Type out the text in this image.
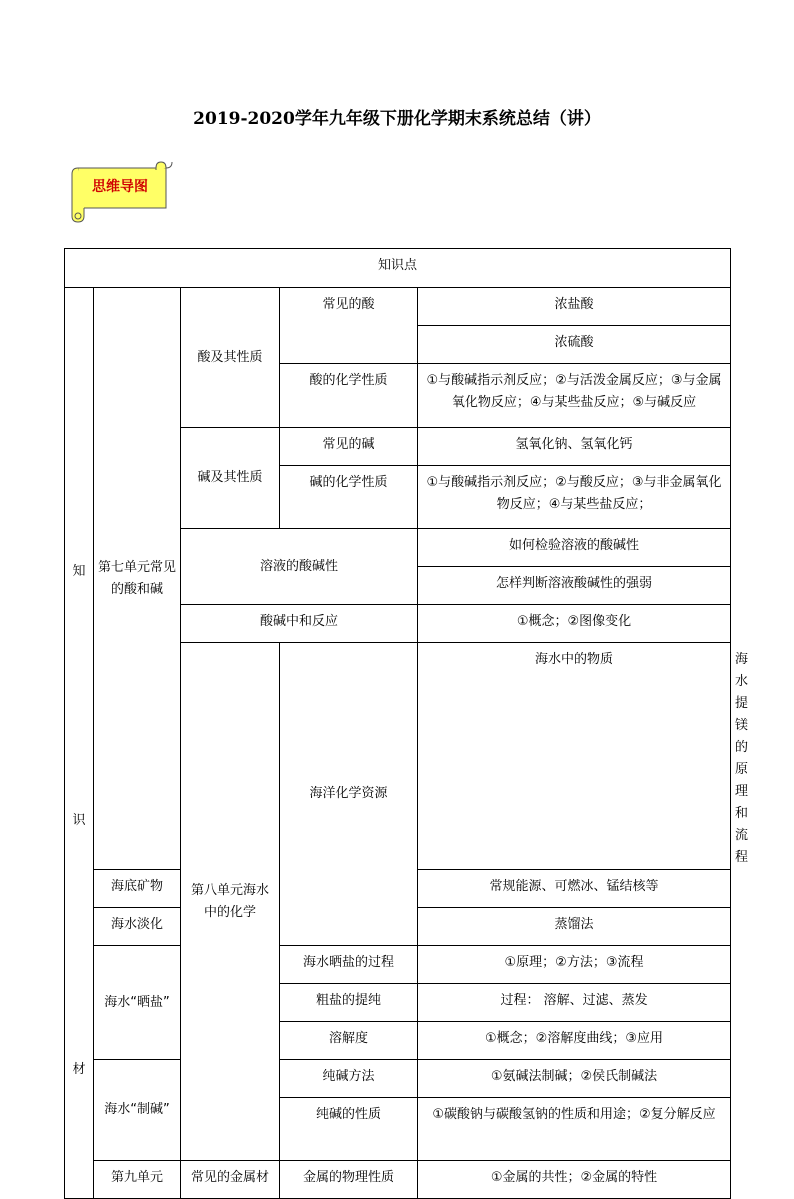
2019-2020学年九年级下册化学期末系统总结（讲）
思维导图
知识点					

知
识
材	第七单元常见的酸和碱	酸及其性质	常见的酸	浓盐酸	
				浓硫酸	
			酸的化学性质	①与酸碱指示剂反应；②与活泼金属反应；③与金属氧化物反应；④与某些盐反应；⑤与碱反应	
		碱及其性质	常见的碱	氢氧化钠、氢氧化钙	
			碱的化学性质	①与酸碱指示剂反应；②与酸反应；③与非金属氧化物反应；④与某些盐反应；	
		溶液的酸碱性		如何检验溶液的酸碱性	
				怎样判断溶液酸碱性的强弱	
		酸碱中和反应		①概念；②图像变化	
		第八单元海水中的化学	海洋化学资源	海水中的物质	海水提镁的原理和流程
	海底矿物			常规能源、可燃冰、锰结核等	
	海水淡化			蒸馏法	
	海水“晒盐”		海水晒盐的过程	①原理；②方法；③流程	
			粗盐的提纯	过程： 溶解、过滤、蒸发	
			溶解度	①概念；②溶解度曲线；③应用	
	海水“制碱”		纯碱方法	①氨碱法制碱；②侯氏制碱法	
			纯碱的性质	①碳酸钠与碳酸氢钠的性质和用途；②复分解反应	
	第九单元	常见的金属材	金属的物理性质	①金属的共性；②金属的特性	
